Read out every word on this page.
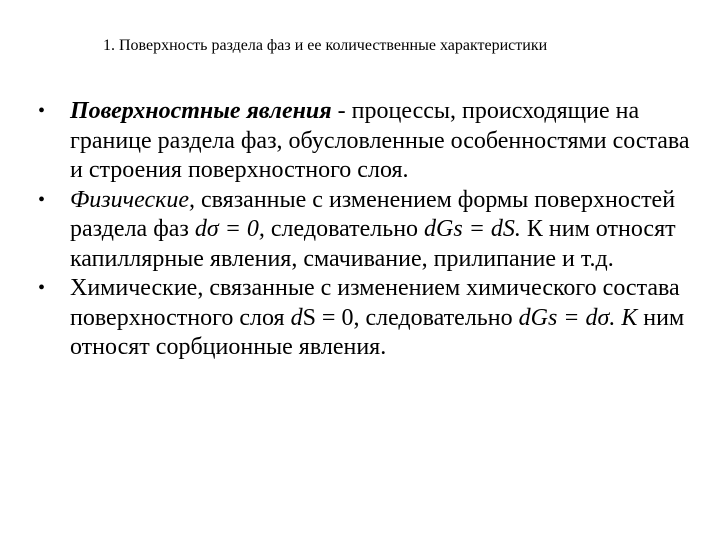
1. Поверхность раздела фаз и ее количественные характеристики
• Поверхностные явления - процессы, происходящие на границе раздела фаз, обусловленные особенностями состава и строения поверхностного слоя.
• Физические, связанные с изменением формы поверхностей раздела фаз dσ = 0, следовательно dGs = dS. К ним относят капиллярные явления, смачивание, прилипание и т.д.
• Химические, связанные с изменением химического состава поверхностного слоя dS = 0, следовательно dGs = dσ. К ним относят сорбционные явления.
